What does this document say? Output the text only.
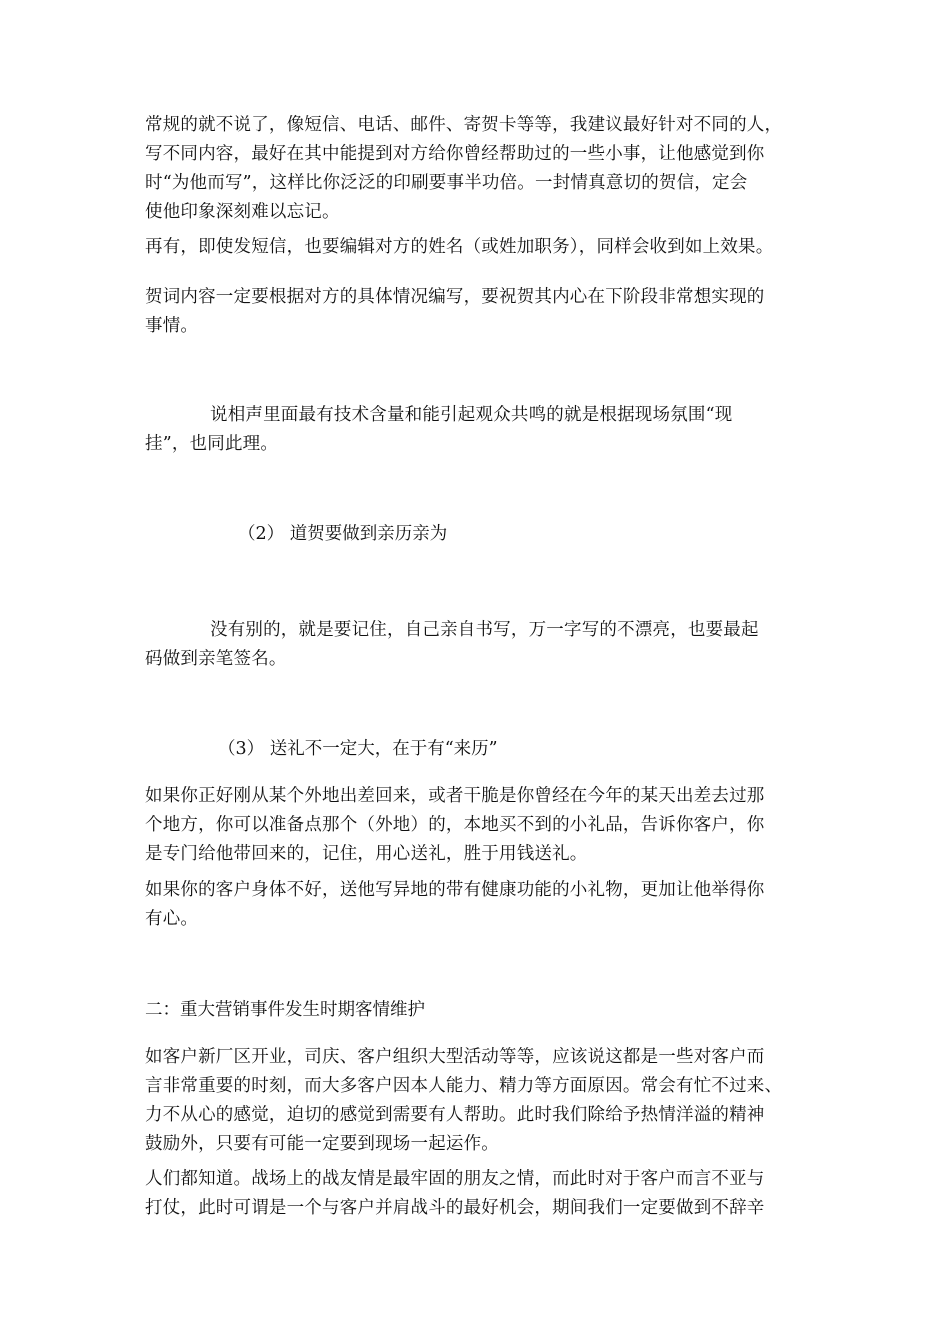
常规的就不说了，像短信、电话、邮件、寄贺卡等等，我建议最好针对不同的人，
写不同内容，最好在其中能提到对方给你曾经帮助过的一些小事，让他感觉到你
时“为他而写”，这样比你泛泛的印刷要事半功倍。一封情真意切的贺信，定会
使他印象深刻难以忘记。

再有，即使发短信，也要编辑对方的姓名（或姓加职务），同样会收到如上效果。

贺词内容一定要根据对方的具体情况编写，要祝贺其内心在下阶段非常想实现的
事情。

说相声里面最有技术含量和能引起观众共鸣的就是根据现场氛围“现
挂”，也同此理。

（2） 道贺要做到亲历亲为

没有别的，就是要记住，自己亲自书写，万一字写的不漂亮，也要最起
码做到亲笔签名。

（3） 送礼不一定大，在于有“来历”

如果你正好刚从某个外地出差回来，或者干脆是你曾经在今年的某天出差去过那
个地方，你可以准备点那个（外地）的，本地买不到的小礼品，告诉你客户，你
是专门给他带回来的，记住，用心送礼，胜于用钱送礼。

如果你的客户身体不好，送他写异地的带有健康功能的小礼物，更加让他举得你
有心。

二：重大营销事件发生时期客情维护

如客户新厂区开业，司庆、客户组织大型活动等等，应该说这都是一些对客户而
言非常重要的时刻，而大多客户因本人能力、精力等方面原因。常会有忙不过来、
力不从心的感觉，迫切的感觉到需要有人帮助。此时我们除给予热情洋溢的精神
鼓励外，只要有可能一定要到现场一起运作。

人们都知道。战场上的战友情是最牢固的朋友之情，而此时对于客户而言不亚与
打仗，此时可谓是一个与客户并肩战斗的最好机会，期间我们一定要做到不辞辛
